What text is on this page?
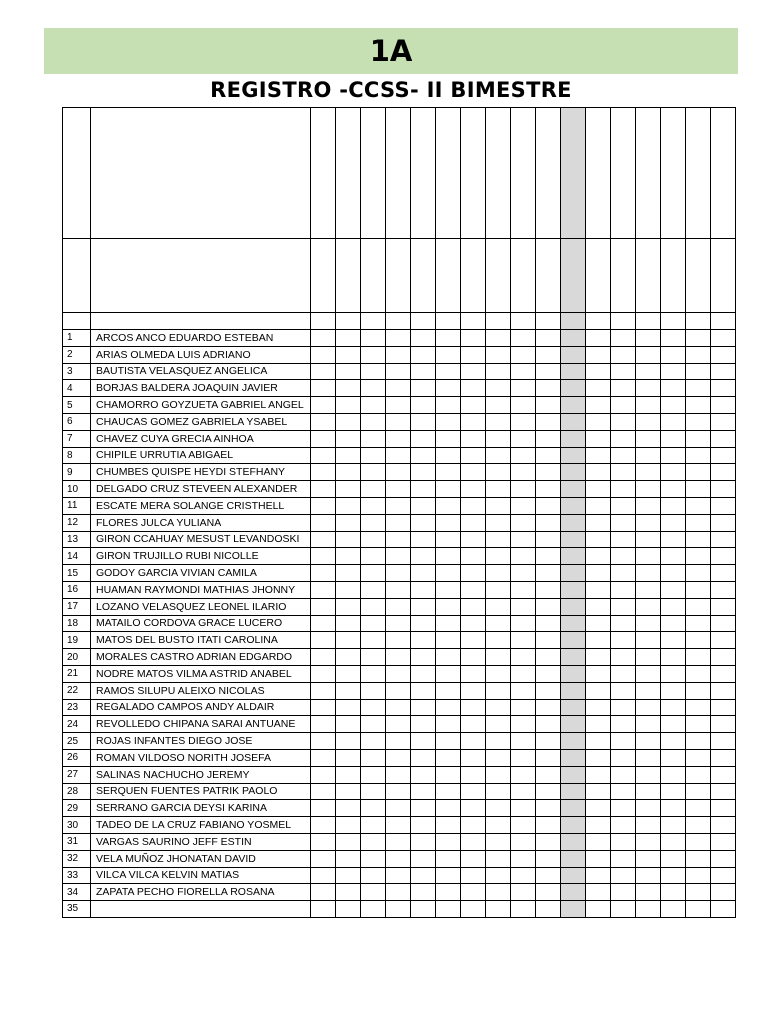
1A
REGISTRO -CCSS- II BIMESTRE

1	ARCOS ANCO EDUARDO ESTEBAN																	
2	ARIAS OLMEDA LUIS ADRIANO																	
3	BAUTISTA VELASQUEZ ANGELICA																	
4	BORJAS BALDERA JOAQUIN JAVIER																	
5	CHAMORRO GOYZUETA GABRIEL ANGEL																	
6	CHAUCAS GOMEZ GABRIELA YSABEL																	
7	CHAVEZ CUYA GRECIA AINHOA																	
8	CHIPILE URRUTIA ABIGAEL																	
9	CHUMBES QUISPE HEYDI STEFHANY																	
10	DELGADO CRUZ STEVEEN ALEXANDER																	
11	ESCATE MERA SOLANGE CRISTHELL																	
12	FLORES JULCA YULIANA																	
13	GIRON CCAHUAY MESUST LEVANDOSKI																	
14	GIRON TRUJILLO RUBI NICOLLE																	
15	GODOY GARCIA VIVIAN CAMILA																	
16	HUAMAN RAYMONDI MATHIAS JHONNY																	
17	LOZANO VELASQUEZ LEONEL ILARIO																	
18	MATAILO CORDOVA GRACE LUCERO																	
19	MATOS DEL BUSTO ITATI CAROLINA																	
20	MORALES CASTRO ADRIAN EDGARDO																	
21	NODRE MATOS VILMA ASTRID ANABEL																	
22	RAMOS SILUPU ALEIXO NICOLAS																	
23	REGALADO CAMPOS ANDY ALDAIR																	
24	REVOLLEDO CHIPANA SARAI ANTUANE																	
25	ROJAS INFANTES DIEGO JOSE																	
26	ROMAN VILDOSO NORITH JOSEFA																	
27	SALINAS NACHUCHO JEREMY																	
28	SERQUEN FUENTES PATRIK PAOLO																	
29	SERRANO GARCIA DEYSI KARINA																	
30	TADEO DE LA CRUZ FABIANO YOSMEL																	
31	VARGAS SAURINO JEFF ESTIN																	
32	VELA MUÑOZ JHONATAN DAVID																	
33	VILCA VILCA KELVIN MATIAS																	
34	ZAPATA PECHO FIORELLA ROSANA																	
35																		
